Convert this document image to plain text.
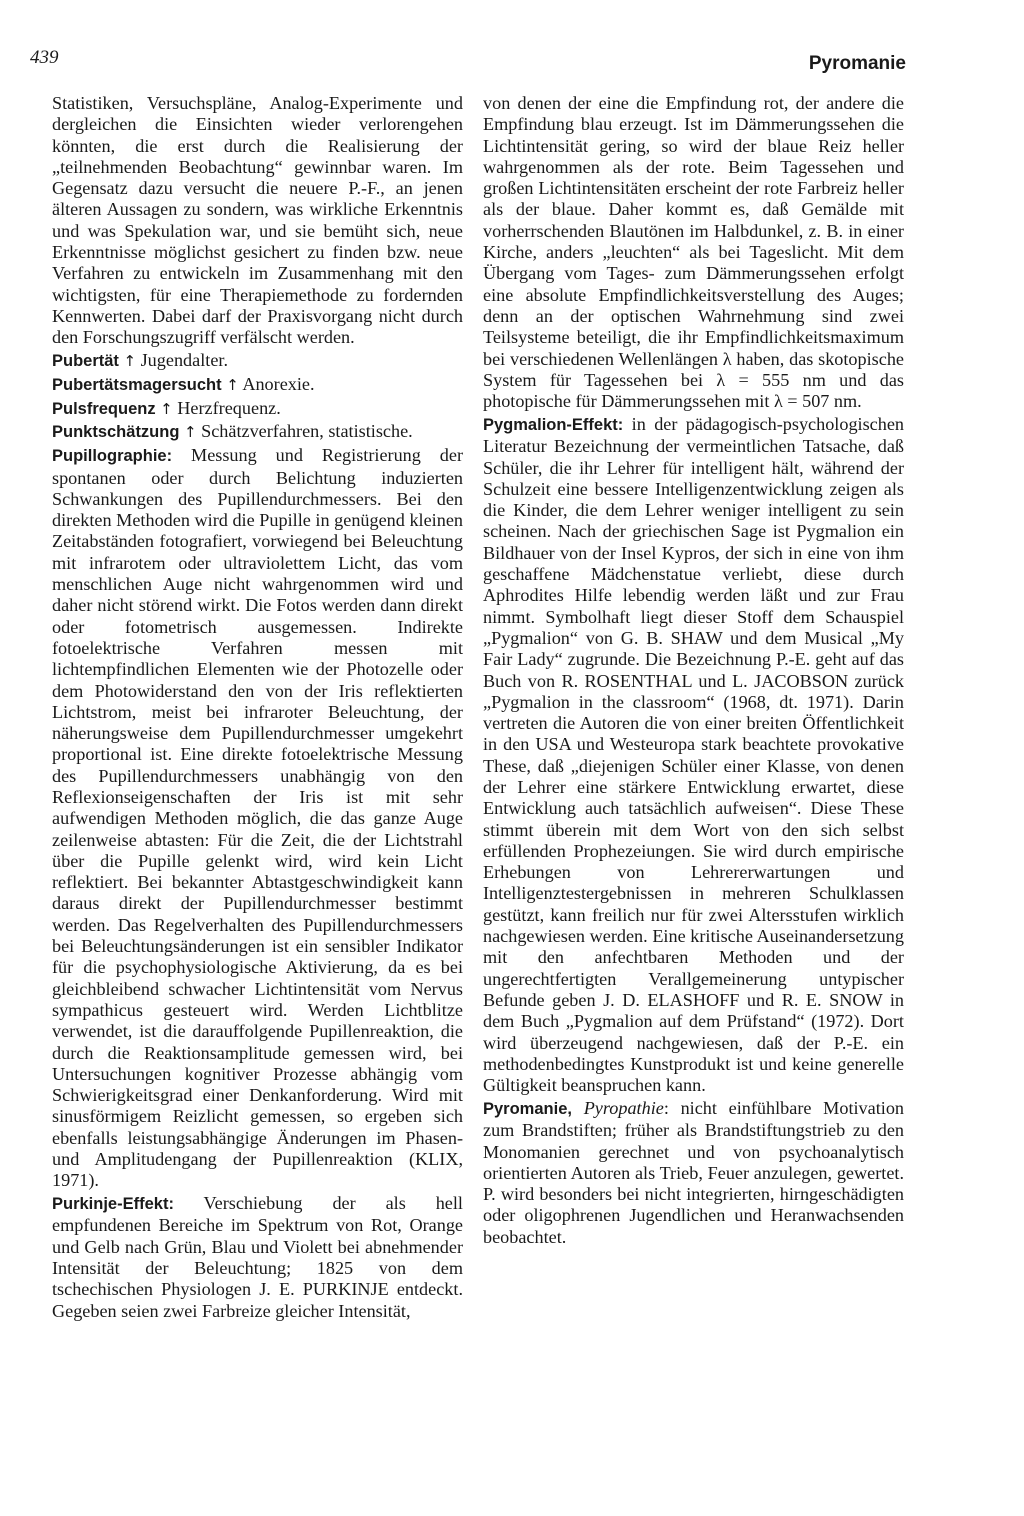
439	Pyromanie

Statistiken, Versuchspläne, Analog-Experimente und dergleichen die Einsichten wieder verlorengehen könnten, die erst durch die Realisierung der „teilnehmenden Beobachtung“ gewinnbar waren. Im Gegensatz dazu versucht die neuere P.-F., an jenen älteren Aussagen zu sondern, was wirkliche Erkenntnis und was Spekulation war, und sie bemüht sich, neue Erkenntnisse möglichst gesichert zu finden bzw. neue Verfahren zu entwickeln im Zusammenhang mit den wichtigsten, für eine Therapiemethode zu fordernden Kennwerten. Dabei darf der Praxisvorgang nicht durch den Forschungszugriff verfälscht werden.

Pubertät ↑ Jugendalter.

Pubertätsmagersucht ↑ Anorexie.

Pulsfrequenz ↑ Herzfrequenz.

Punktschätzung ↑ Schätzverfahren, statistische.

Pupillographie: Messung und Registrierung der spontanen oder durch Belichtung induzierten Schwankungen des Pupillendurchmessers. Bei den direkten Methoden wird die Pupille in genügend kleinen Zeitabständen fotografiert, vorwiegend bei Beleuchtung mit infrarotem oder ultraviolettem Licht, das vom menschlichen Auge nicht wahrgenommen wird und daher nicht störend wirkt. Die Fotos werden dann direkt oder fotometrisch ausgemessen. Indirekte fotoelektrische Verfahren messen mit lichtempfindlichen Elementen wie der Photozelle oder dem Photowiderstand den von der Iris reflektierten Lichtstrom, meist bei infraroter Beleuchtung, der näherungsweise dem Pupillendurchmesser umgekehrt proportional ist. Eine direkte fotoelektrische Messung des Pupillendurchmessers unabhängig von den Reflexionseigenschaften der Iris ist mit sehr aufwendigen Methoden möglich, die das ganze Auge zeilenweise abtasten: Für die Zeit, die der Lichtstrahl über die Pupille gelenkt wird, wird kein Licht reflektiert. Bei bekannter Abtastgeschwindigkeit kann daraus direkt der Pupillendurchmesser bestimmt werden. Das Regelverhalten des Pupillendurchmessers bei Beleuchtungsänderungen ist ein sensibler Indikator für die psychophysiologische Aktivierung, da es bei gleichbleibend schwacher Lichtintensität vom Nervus sympathicus gesteuert wird. Werden Lichtblitze verwendet, ist die darauffolgende Pupillenreaktion, die durch die Reaktionsamplitude gemessen wird, bei Untersuchungen kognitiver Prozesse abhängig vom Schwierigkeitsgrad einer Denkanforderung. Wird mit sinusförmigem Reizlicht gemessen, so ergeben sich ebenfalls leistungsabhängige Änderungen im Phasen- und Amplitudengang der Pupillenreaktion (KLIX, 1971).

Purkinje-Effekt: Verschiebung der als hell empfundenen Bereiche im Spektrum von Rot, Orange und Gelb nach Grün, Blau und Violett bei abnehmender Intensität der Beleuchtung; 1825 von dem tschechischen Physiologen J. E. PURKINJE entdeckt. Gegeben seien zwei Farbreize gleicher Intensität,

von denen der eine die Empfindung rot, der andere die Empfindung blau erzeugt. Ist im Dämmerungssehen die Lichtintensität gering, so wird der blaue Reiz heller wahrgenommen als der rote. Beim Tagessehen und großen Lichtintensitäten erscheint der rote Farbreiz heller als der blaue. Daher kommt es, daß Gemälde mit vorherrschenden Blautönen im Halbdunkel, z. B. in einer Kirche, anders „leuchten“ als bei Tageslicht. Mit dem Übergang vom Tages- zum Dämmerungssehen erfolgt eine absolute Empfindlichkeitsverstellung des Auges; denn an der optischen Wahrnehmung sind zwei Teilsysteme beteiligt, die ihr Empfindlichkeitsmaximum bei verschiedenen Wellenlängen λ haben, das skotopische System für Tagessehen bei λ = 555 nm und das photopische für Dämmerungssehen mit λ = 507 nm.

Pygmalion-Effekt: in der pädagogisch-psychologischen Literatur Bezeichnung der vermeintlichen Tatsache, daß Schüler, die ihr Lehrer für intelligent hält, während der Schulzeit eine bessere Intelligenzentwicklung zeigen als die Kinder, die dem Lehrer weniger intelligent zu sein scheinen. Nach der griechischen Sage ist Pygmalion ein Bildhauer von der Insel Kypros, der sich in eine von ihm geschaffene Mädchenstatue verliebt, diese durch Aphrodites Hilfe lebendig werden läßt und zur Frau nimmt. Symbolhaft liegt dieser Stoff dem Schauspiel „Pygmalion“ von G. B. SHAW und dem Musical „My Fair Lady“ zugrunde. Die Bezeichnung P.-E. geht auf das Buch von R. ROSENTHAL und L. JACOBSON zurück „Pygmalion in the classroom“ (1968, dt. 1971). Darin vertreten die Autoren die von einer breiten Öffentlichkeit in den USA und Westeuropa stark beachtete provokative These, daß „diejenigen Schüler einer Klasse, von denen der Lehrer eine stärkere Entwicklung erwartet, diese Entwicklung auch tatsächlich aufweisen“. Diese These stimmt überein mit dem Wort von den sich selbst erfüllenden Prophezeiungen. Sie wird durch empirische Erhebungen von Lehrererwartungen und Intelligenztestergebnissen in mehreren Schulklassen gestützt, kann freilich nur für zwei Altersstufen wirklich nachgewiesen werden. Eine kritische Auseinandersetzung mit den anfechtbaren Methoden und der ungerechtfertigten Verallgemeinerung untypischer Befunde geben J. D. ELASHOFF und R. E. SNOW in dem Buch „Pygmalion auf dem Prüfstand“ (1972). Dort wird überzeugend nachgewiesen, daß der P.-E. ein methodenbedingtes Kunstprodukt ist und keine generelle Gültigkeit beanspruchen kann.

Pyromanie, Pyropathie: nicht einfühlbare Motivation zum Brandstiften; früher als Brandstiftungstrieb zu den Monomanien gerechnet und von psychoanalytisch orientierten Autoren als Trieb, Feuer anzulegen, gewertet. P. wird besonders bei nicht integrierten, hirngeschädigten oder oligophrenen Jugendlichen und Heranwachsenden beobachtet.
